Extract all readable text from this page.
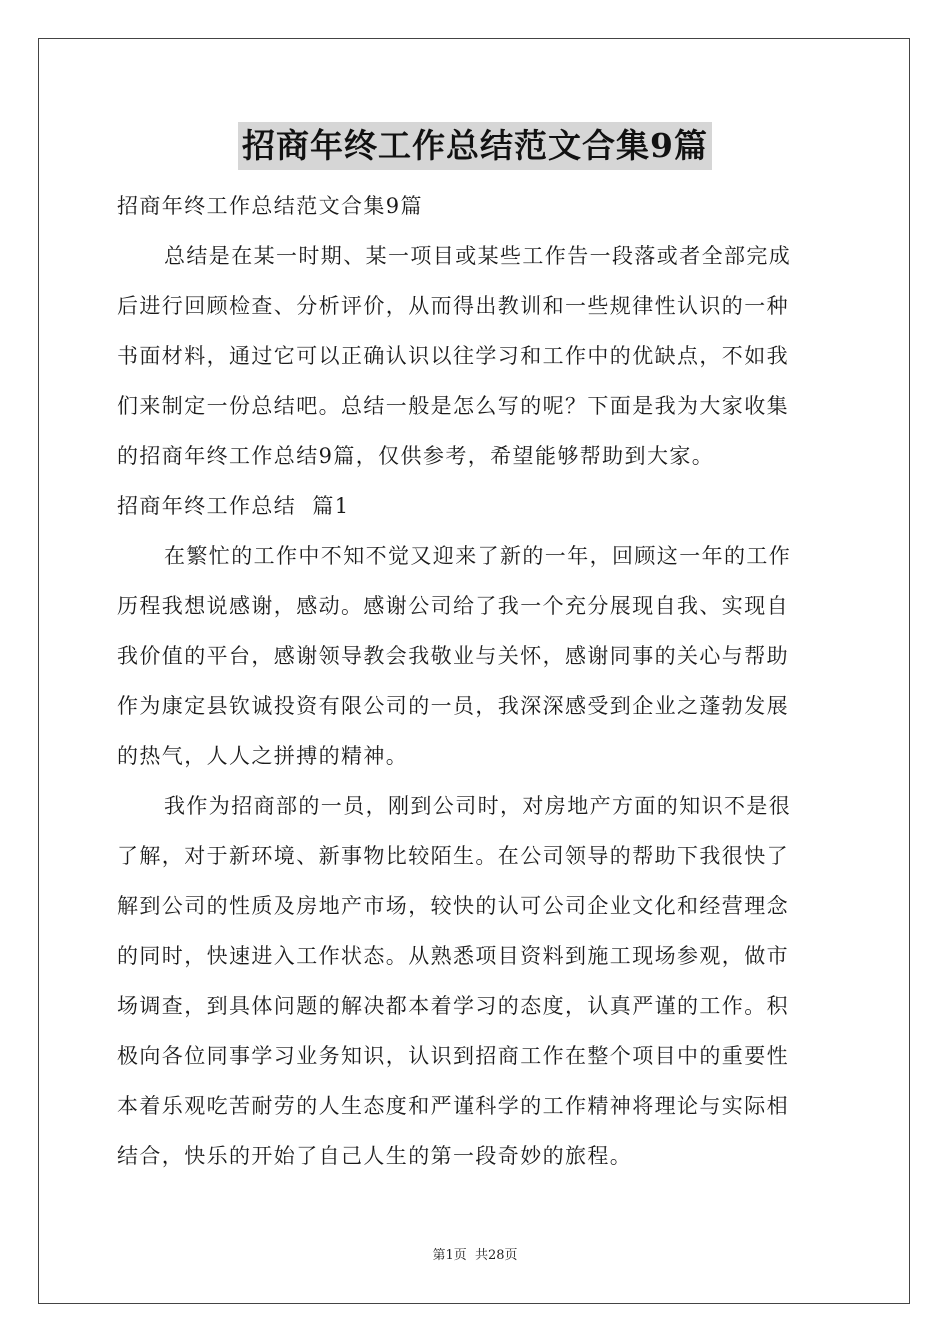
招商年终工作总结范文合集9篇
招商年终工作总结范文合集9篇
总结是在某一时期、某一项目或某些工作告一段落或者全部完成
后进行回顾检查、分析评价，从而得出教训和一些规律性认识的一种
书面材料，通过它可以正确认识以往学习和工作中的优缺点，不如我
们来制定一份总结吧。总结一般是怎么写的呢？下面是我为大家收集
的招商年终工作总结9篇，仅供参考，希望能够帮助到大家。
招商年终工作总结  篇1
在繁忙的工作中不知不觉又迎来了新的一年，回顾这一年的工作
历程我想说感谢，感动。感谢公司给了我一个充分展现自我、实现自
我价值的平台，感谢领导教会我敬业与关怀，感谢同事的关心与帮助
作为康定县钦诚投资有限公司的一员，我深深感受到企业之蓬勃发展
的热气，人人之拼搏的精神。
我作为招商部的一员，刚到公司时，对房地产方面的知识不是很
了解，对于新环境、新事物比较陌生。在公司领导的帮助下我很快了
解到公司的性质及房地产市场，较快的认可公司企业文化和经营理念
的同时，快速进入工作状态。从熟悉项目资料到施工现场参观，做市
场调查，到具体问题的解决都本着学习的态度，认真严谨的工作。积
极向各位同事学习业务知识，认识到招商工作在整个项目中的重要性
本着乐观吃苦耐劳的人生态度和严谨科学的工作精神将理论与实际相
结合，快乐的开始了自己人生的第一段奇妙的旅程。
第1页  共28页
